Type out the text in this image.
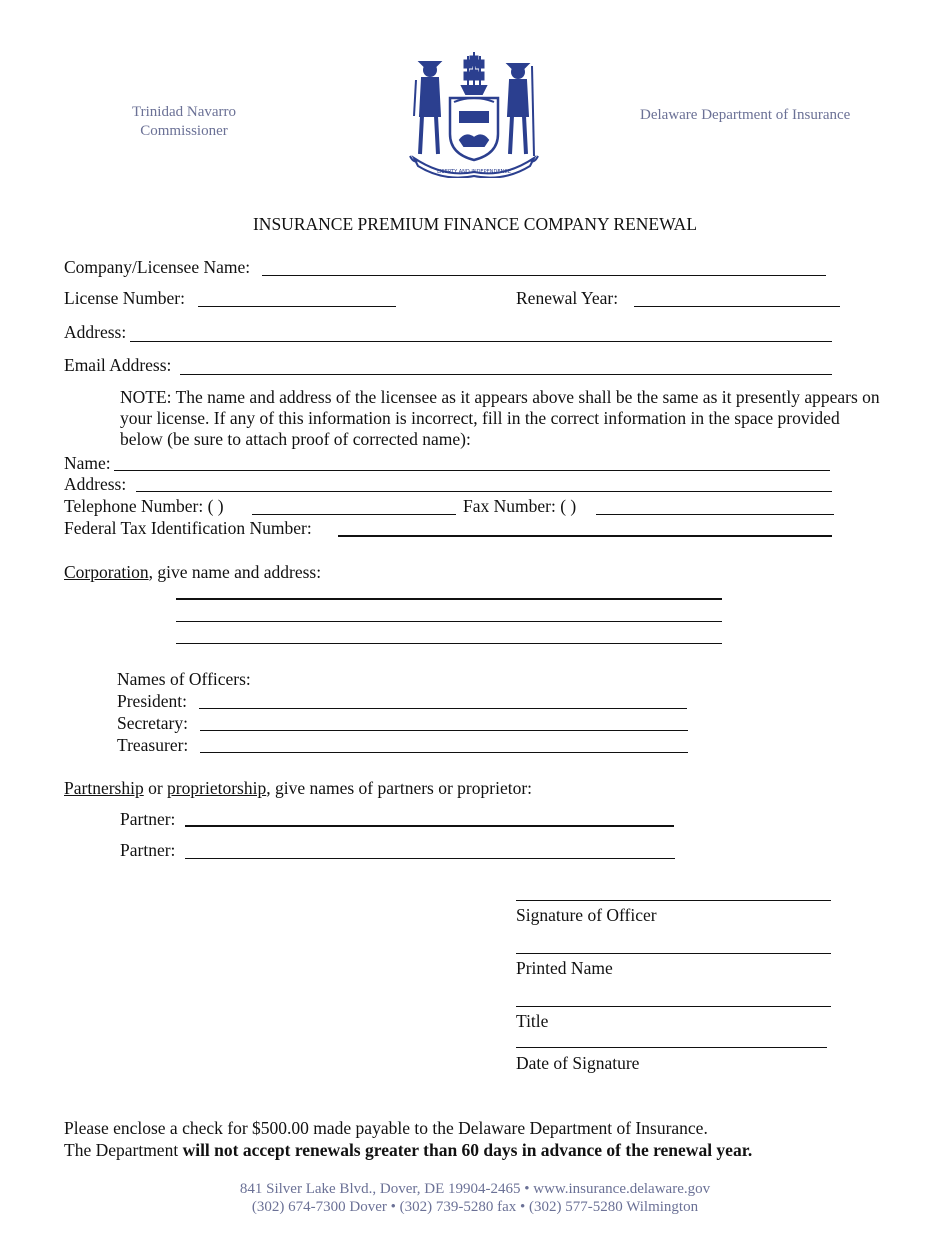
Trinidad Navarro
Commissioner
LIBERTY AND INDEPENDENCE
Delaware Department of Insurance
INSURANCE PREMIUM FINANCE COMPANY RENEWAL
Company/Licensee Name:
License Number:	Renewal Year:
Address:
Email Address:
NOTE: The name and address of the licensee as it appears above shall be the same as it presently appears on your license. If any of this information is incorrect, fill in the correct information in the space provided below (be sure to attach proof of corrected name):
Name:
Address:
Telephone Number: ( )	Fax Number: ( )
Federal Tax Identification Number:
Corporation, give name and address:
Names of Officers:
President:
Secretary:
Treasurer:
Partnership or proprietorship, give names of partners or proprietor:
Partner:
Partner:
Signature of Officer
Printed Name
Title
Date of Signature
Please enclose a check for $500.00 made payable to the Delaware Department of Insurance.
The Department will not accept renewals greater than 60 days in advance of the renewal year.
841 Silver Lake Blvd., Dover, DE 19904-2465 • www.insurance.delaware.gov
(302) 674-7300 Dover • (302) 739-5280 fax • (302) 577-5280 Wilmington
